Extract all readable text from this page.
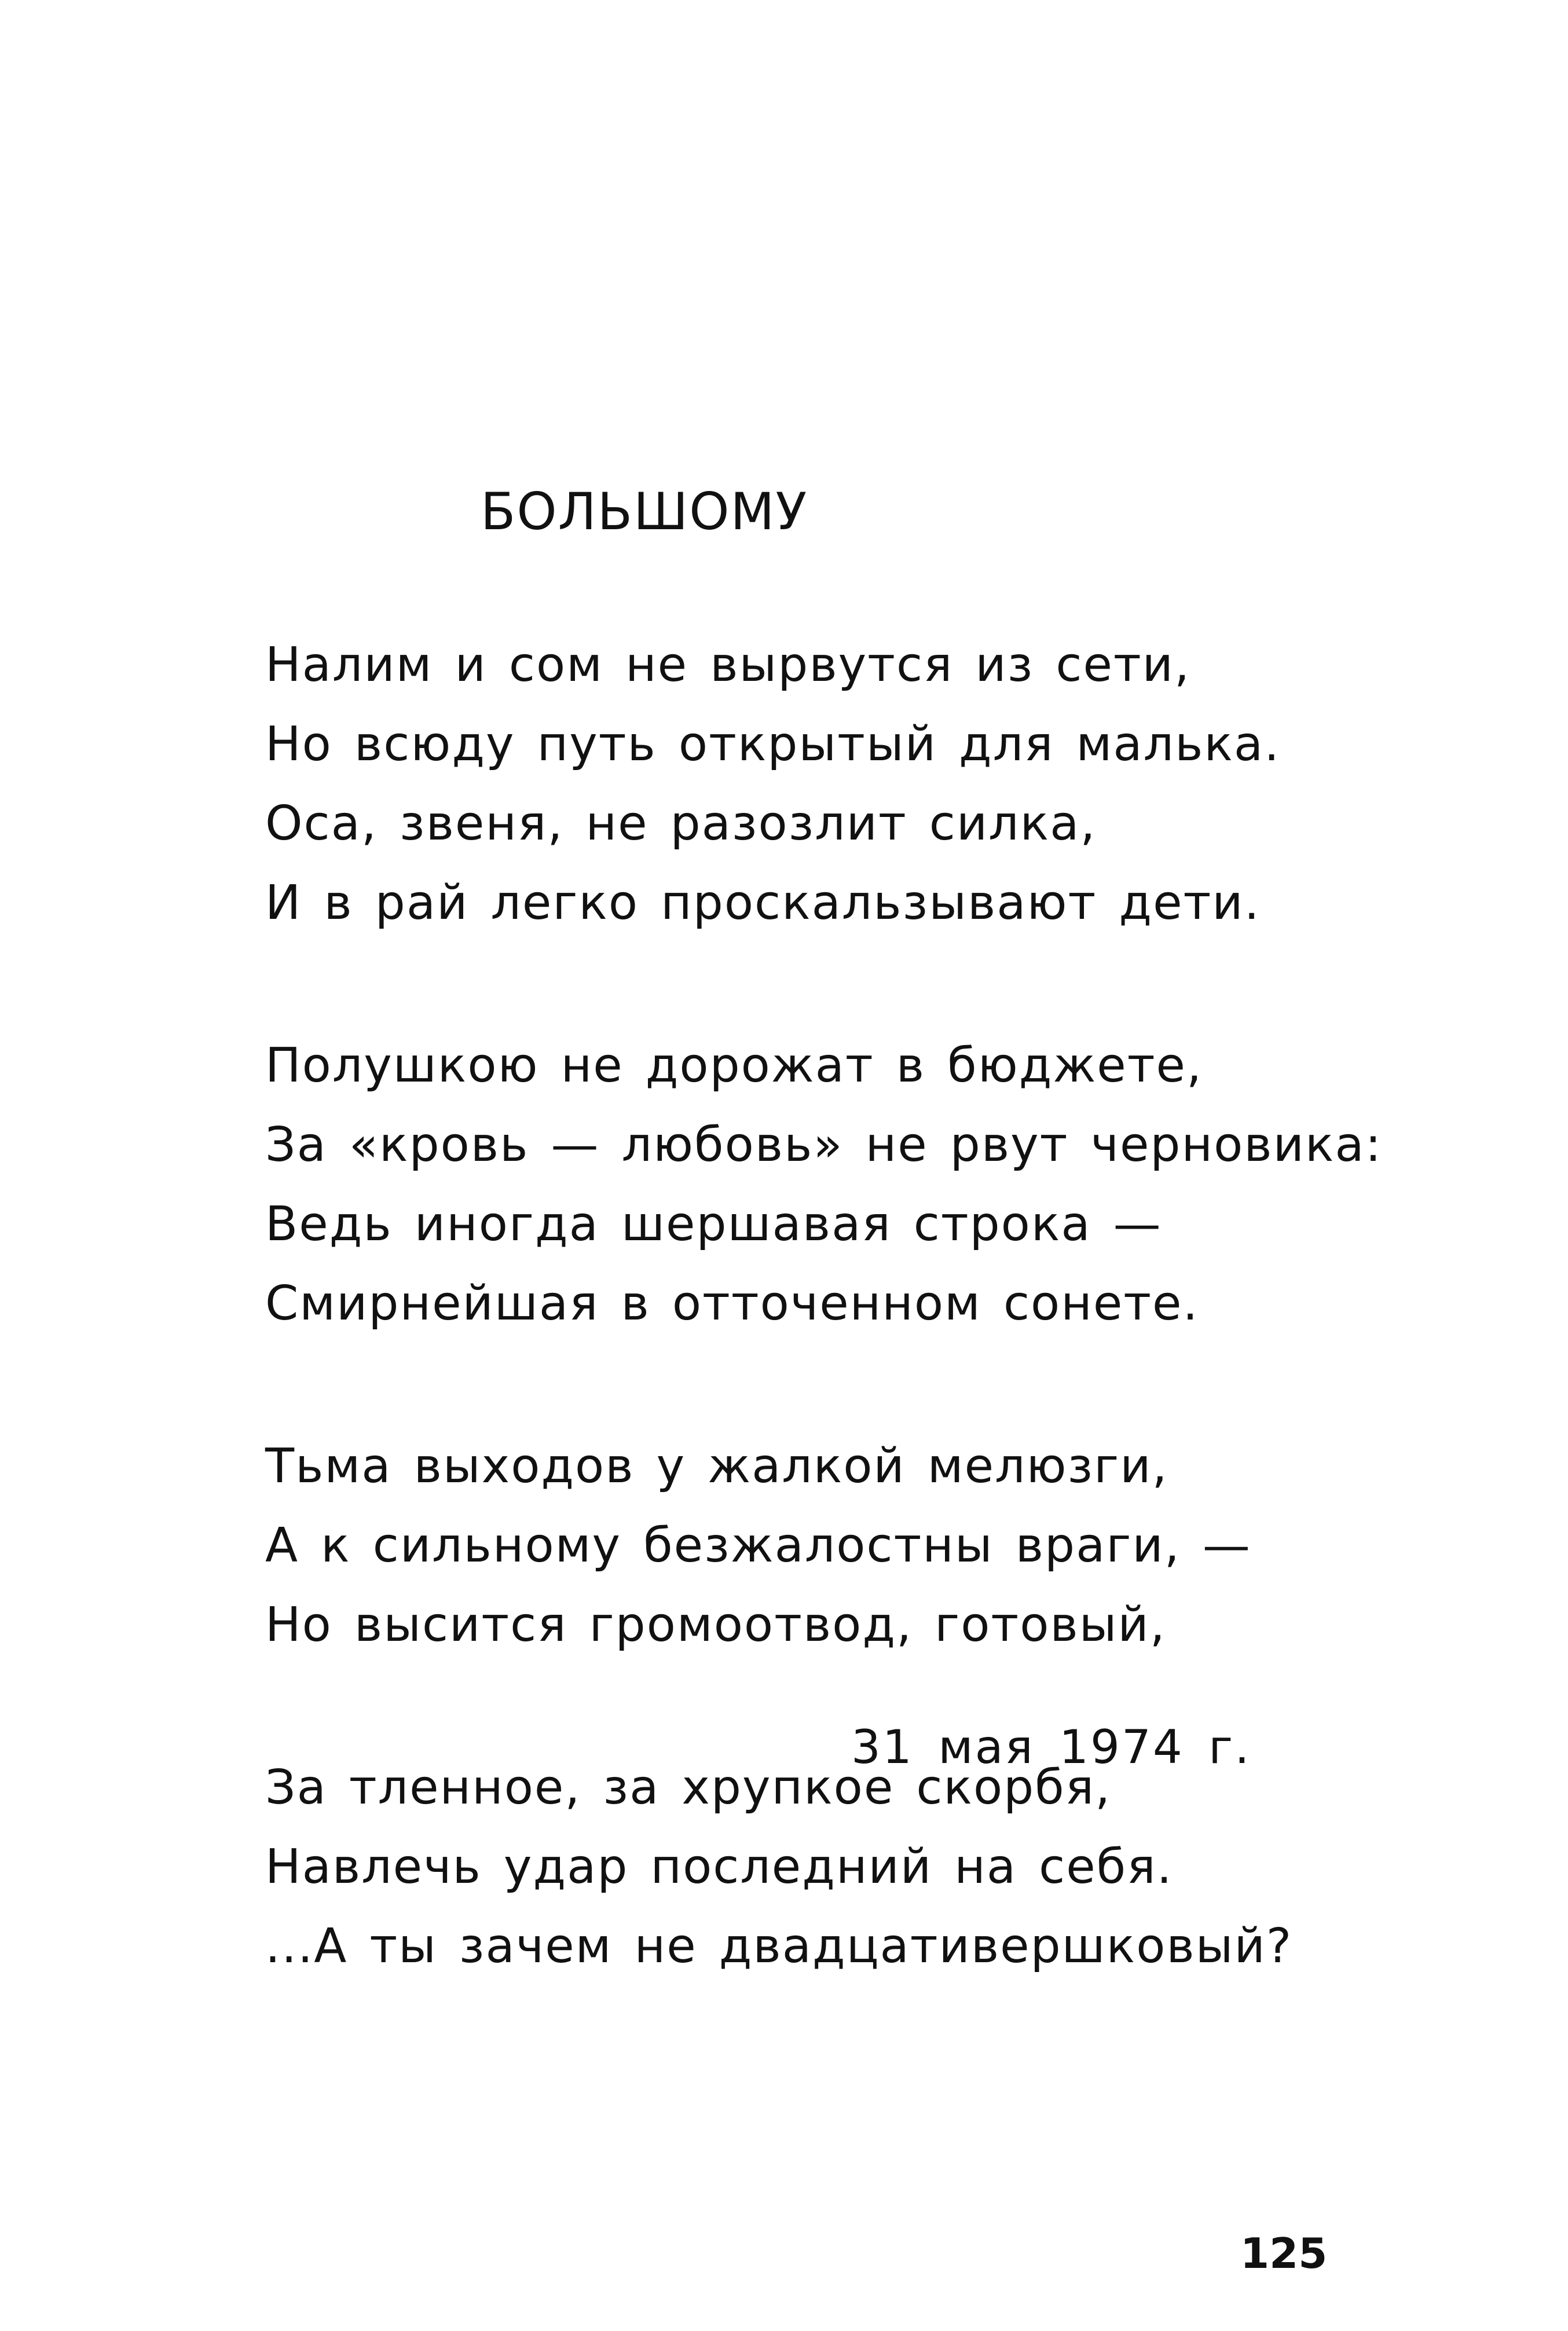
БОЛЬШОМУ
Налим и сом не вырвутся из сети,
Но всюду путь открытый для малька.
Оса, звеня, не разозлит силка,
И в рай легко проскальзывают дети.
Полушкою не дорожат в бюджете,
За «кровь — любовь» не рвут черновика:
Ведь иногда шершавая строка —
Смирнейшая в отточенном сонете.
Тьма выходов у жалкой мелюзги,
А к сильному безжалостны враги, —
Но высится громоотвод, готовый,
За тленное, за хрупкое скорбя,
Навлечь удар последний на себя.
...А ты зачем не двадцативершковый?
31 мая 1974 г.
125
